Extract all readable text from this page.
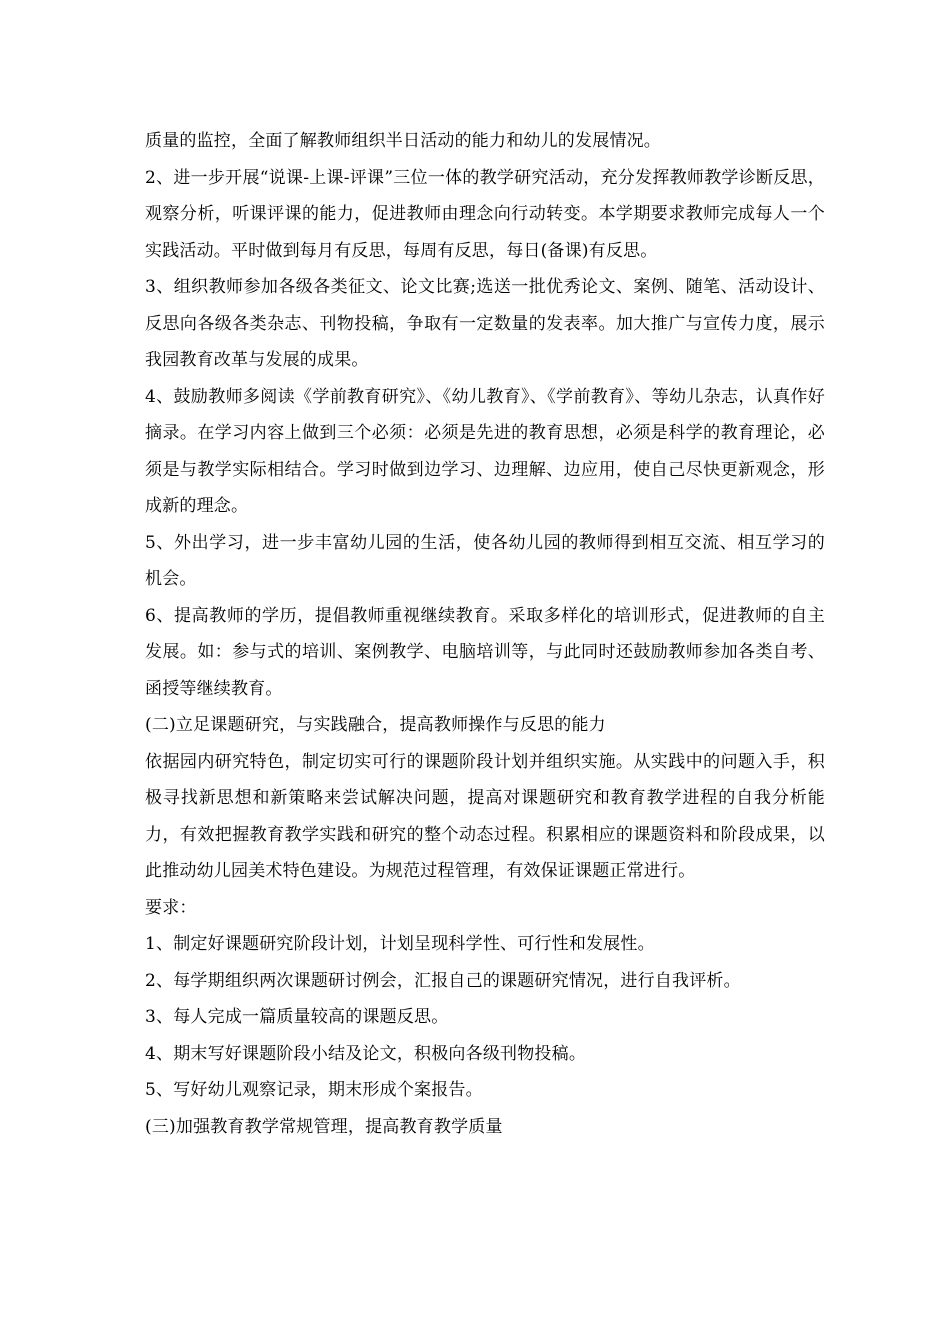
质量的监控，全面了解教师组织半日活动的能力和幼儿的发展情况。

2、进一步开展“说课-上课-评课”三位一体的教学研究活动，充分发挥教师教学诊断反思，观察分析，听课评课的能力，促进教师由理念向行动转变。本学期要求教师完成每人一个实践活动。平时做到每月有反思，每周有反思，每日(备课)有反思。

3、组织教师参加各级各类征文、论文比赛;选送一批优秀论文、案例、随笔、活动设计、反思向各级各类杂志、刊物投稿，争取有一定数量的发表率。加大推广与宣传力度，展示我园教育改革与发展的成果。

4、鼓励教师多阅读《学前教育研究》、《幼儿教育》、《学前教育》、等幼儿杂志，认真作好摘录。在学习内容上做到三个必须：必须是先进的教育思想，必须是科学的教育理论，必须是与教学实际相结合。学习时做到边学习、边理解、边应用，使自己尽快更新观念，形成新的理念。

5、外出学习，进一步丰富幼儿园的生活，使各幼儿园的教师得到相互交流、相互学习的机会。

6、提高教师的学历，提倡教师重视继续教育。采取多样化的培训形式，促进教师的自主发展。如：参与式的培训、案例教学、电脑培训等，与此同时还鼓励教师参加各类自考、函授等继续教育。

(二)立足课题研究，与实践融合，提高教师操作与反思的能力

依据园内研究特色，制定切实可行的课题阶段计划并组织实施。从实践中的问题入手，积极寻找新思想和新策略来尝试解决问题，提高对课题研究和教育教学进程的自我分析能力，有效把握教育教学实践和研究的整个动态过程。积累相应的课题资料和阶段成果，以此推动幼儿园美术特色建设。为规范过程管理，有效保证课题正常进行。

要求：

1、制定好课题研究阶段计划，计划呈现科学性、可行性和发展性。

2、每学期组织两次课题研讨例会，汇报自己的课题研究情况，进行自我评析。

3、每人完成一篇质量较高的课题反思。

4、期末写好课题阶段小结及论文，积极向各级刊物投稿。

5、写好幼儿观察记录，期末形成个案报告。

(三)加强教育教学常规管理，提高教育教学质量
